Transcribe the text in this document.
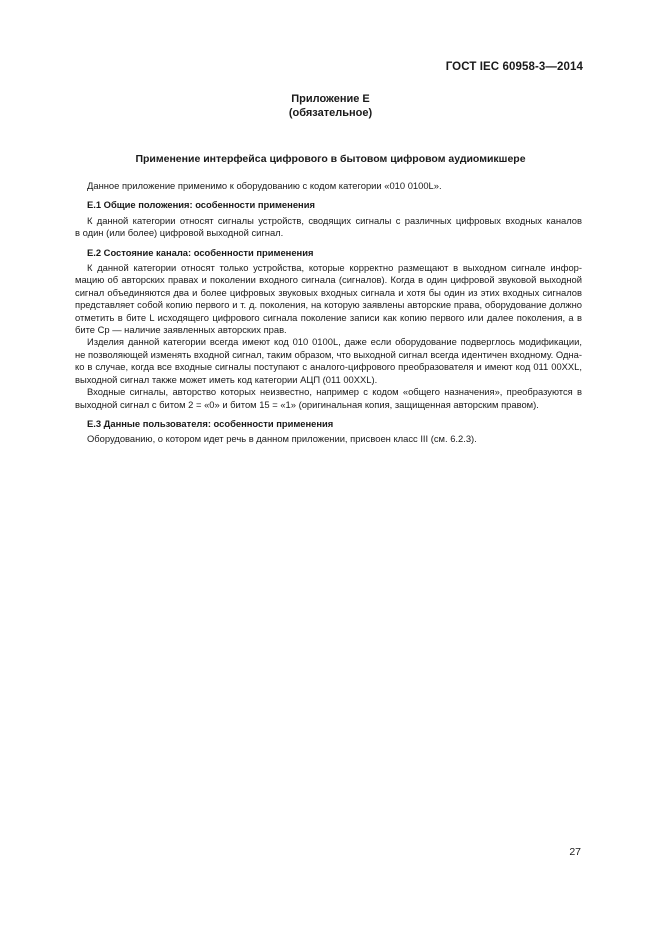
ГОСТ IEC 60958-3—2014
Приложение Е
(обязательное)
Применение интерфейса цифрового в бытовом цифровом аудиомикшере

Данное приложение применимо к оборудованию с кодом категории «010 0100L».

Е.1 Общие положения: особенности применения

К данной категории относят сигналы устройств, сводящих сигналы с различных цифровых входных каналов
в один (или более) цифровой выходной сигнал.

Е.2 Состояние канала: особенности применения

К данной категории относят только устройства, которые корректно размещают в выходном сигнале инфор-
мацию об авторских правах и поколении входного сигнала (сигналов). Когда в один цифровой звуковой выходной
сигнал объединяются два и более цифровых звуковых входных сигнала и хотя бы один из этих входных сигналов
представляет собой копию первого и т. д. поколения, на которую заявлены авторские права, оборудование должно
отметить в бите L исходящего цифрового сигнала поколение записи как копию первого или далее поколения, а в
бите Ср — наличие заявленных авторских прав.
Изделия данной категории всегда имеют код 010 0100L, даже если оборудование подверглось модификации,
не позволяющей изменять входной сигнал, таким образом, что выходной сигнал всегда идентичен входному. Одна-
ко в случае, когда все входные сигналы поступают с аналого-цифрового преобразователя и имеют код 011 00XXL,
выходной сигнал также может иметь код категории АЦП (011 00XXL).
Входные сигналы, авторство которых неизвестно, например с кодом «общего назначения», преобразуются в
выходной сигнал с битом 2 = «0» и битом 15 = «1» (оригинальная копия, защищенная авторским правом).

Е.3 Данные пользователя: особенности применения

Оборудованию, о котором идет речь в данном приложении, присвоен класс III (см. 6.2.3).

27
